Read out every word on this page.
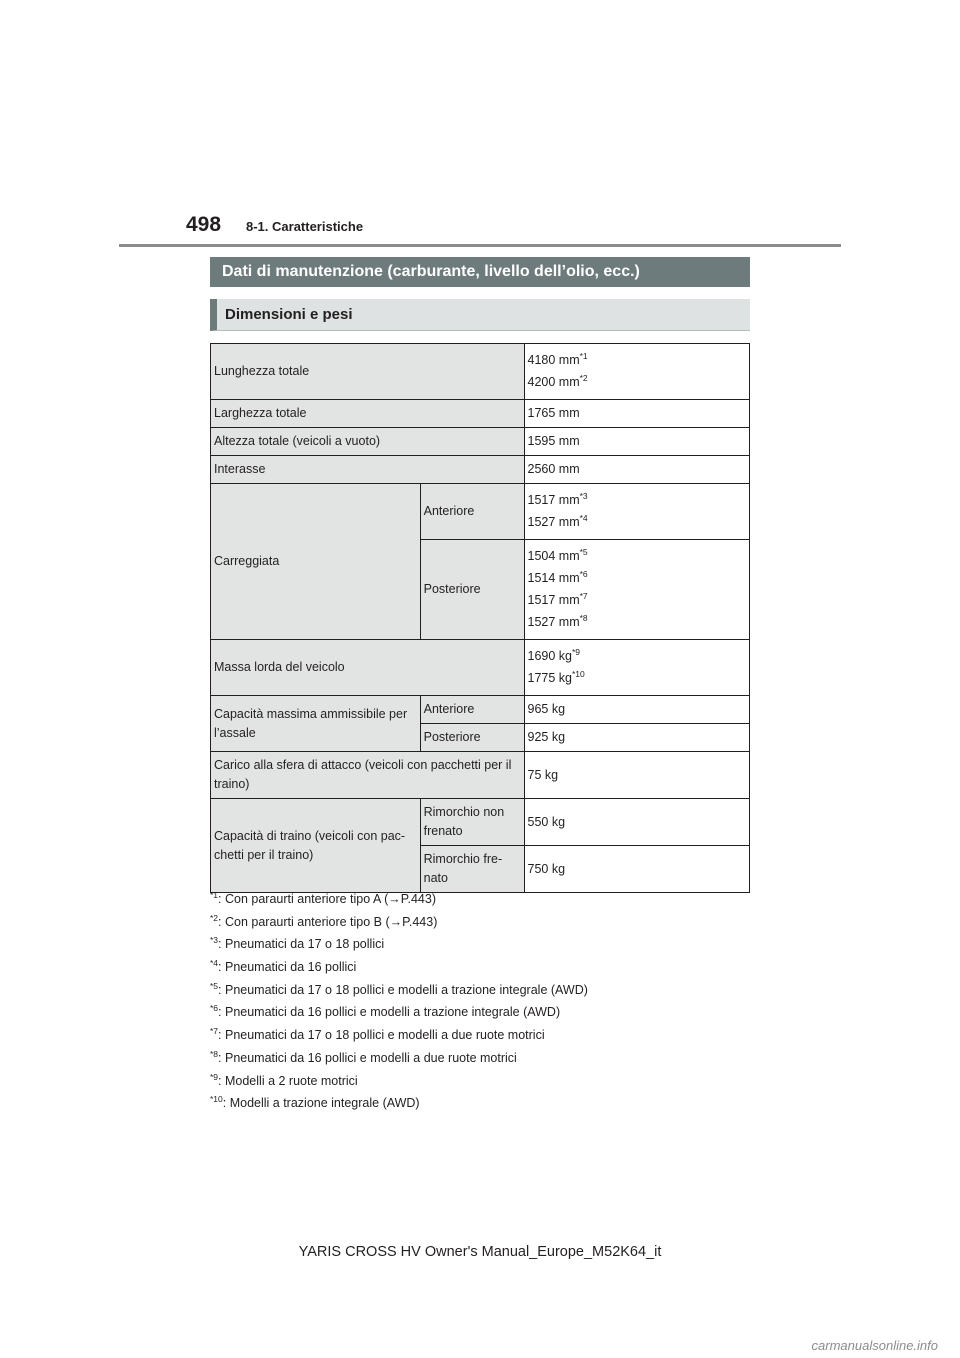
498 8-1. Caratteristiche
Dati di manutenzione (carburante, livello dell’olio, ecc.)
Dimensioni e pesi
Lunghezza totale		4180 $mm^{*1}$
4200 $mm^{*2}$

Larghezza totale		1765 mm
Altezza totale (veicoli a vuoto)		1595 mm
Interasse		2560 mm
Carreggiata	Anteriore	1517 $mm^{*3}$
1527 $mm^{*4}$

	Posteriore	1504 $mm^{*5}$
1514 $mm^{*6}$
1517 $mm^{*7}$
1527 $mm^{*8}$

Massa lorda del veicolo		1690 $kg^{*9}$
1775 $kg^{*10}$

Capacità massima ammissibile per l’assale	Anteriore	965 kg
	Posteriore	925 kg
Carico alla sfera di attacco (veicoli con pacchetti per il traino)		75 kg
Capacità di traino (veicoli con pac-chetti per il traino)	Rimorchio non frenato	550 kg
	Rimorchio fre-nato	750 kg
$^{*1}$: Con paraurti anteriore tipo A (→P.443)
$^{*2}$: Con paraurti anteriore tipo B (→P.443)
$^{*3}$: Pneumatici da 17 o 18 pollici
$^{*4}$: Pneumatici da 16 pollici
$^{*5}$: Pneumatici da 17 o 18 pollici e modelli a trazione integrale (AWD)
$^{*6}$: Pneumatici da 16 pollici e modelli a trazione integrale (AWD)
$^{*7}$: Pneumatici da 17 o 18 pollici e modelli a due ruote motrici
$^{*8}$: Pneumatici da 16 pollici e modelli a due ruote motrici
$^{*9}$: Modelli a 2 ruote motrici
$^{*10}$: Modelli a trazione integrale (AWD)
YARIS CROSS HV Owner's Manual_Europe_M52K64_it
carmanualsonline.info
